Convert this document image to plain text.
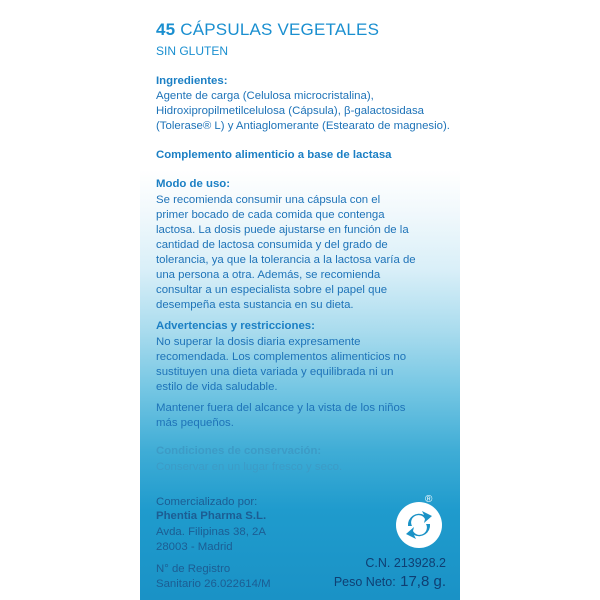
45 CÁPSULAS VEGETALES

SIN GLUTEN

Ingredientes:

Agente de carga (Celulosa microcristalina),

Hidroxipropilmetilcelulosa (Cápsula), β-galactosidasa

(Tolerase® L) y Antiaglomerante (Estearato de magnesio).

Complemento alimenticio a base de lactasa

Modo de uso:

Se recomienda consumir una cápsula con el

primer bocado de cada comida que contenga

lactosa. La dosis puede ajustarse en función de la

cantidad de lactosa consumida y del grado de

tolerancia, ya que la tolerancia a la lactosa varía de

una persona a otra. Además, se recomienda

consultar a un especialista sobre el papel que

desempeña esta sustancia en su dieta.

Advertencias y restricciones:

No superar la dosis diaria expresamente

recomendada. Los complementos alimenticios no

sustituyen una dieta variada y equilibrada ni un

estilo de vida saludable.

Mantener fuera del alcance y la vista de los niños

más pequeños.

Condiciones de conservación:

Conservar en un lugar fresco y seco.

Comercializado por:

Phentia Pharma S.L.

Avda. Filipinas 38, 2A

28003 - Madrid

N° de Registro

Sanitario 26.022614/M

®

C.N. 213928.2

Peso Neto: 17,8 g.
